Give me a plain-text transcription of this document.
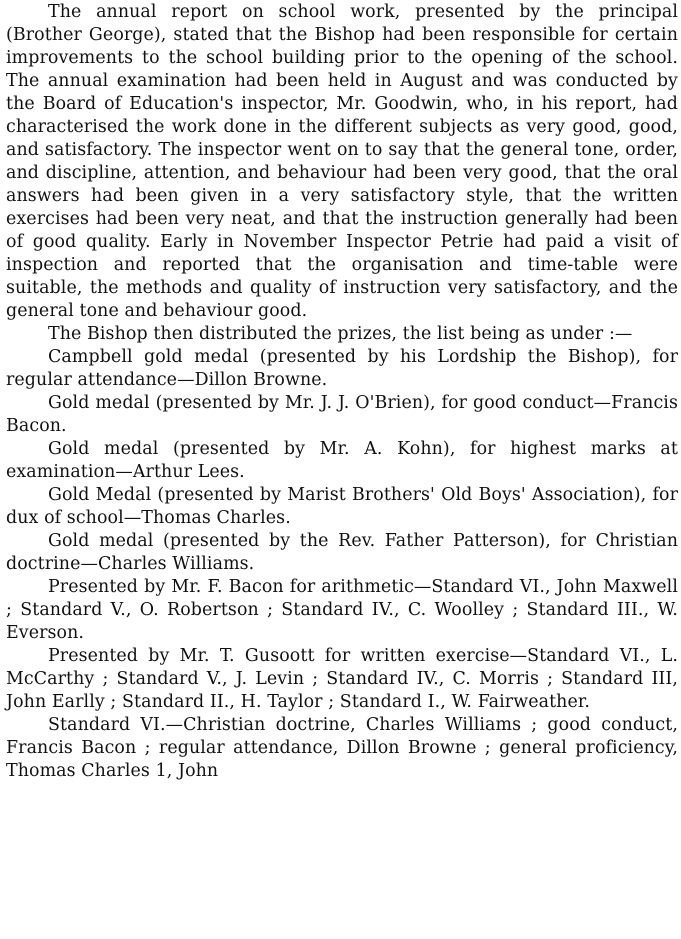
The annual report on school work, presented by the principal (Brother George), stated that the Bishop had been responsible for certain improvements to the school building prior to the opening of the school. The annual examination had been held in August and was conducted by the Board of Education's inspector, Mr. Goodwin, who, in his report, had characterised the work done in the different subjects as very good, good, and satisfactory. The inspector went on to say that the general tone, order, and discipline, attention, and behaviour had been very good, that the oral answers had been given in a very satisfactory style, that the written exercises had been very neat, and that the instruction generally had been of good quality. Early in November Inspector Petrie had paid a visit of inspection and reported that the organisation and time-table were suitable, the methods and quality of instruction very satisfactory, and the general tone and behaviour good.

The Bishop then distributed the prizes, the list being as under :—

Campbell gold medal (presented by his Lordship the Bishop), for regular attendance—Dillon Browne.

Gold medal (presented by Mr. J. J. O'Brien), for good conduct—Francis Bacon.

Gold medal (presented by Mr. A. Kohn), for highest marks at examination—Arthur Lees.

Gold Medal (presented by Marist Brothers' Old Boys' Association), for dux of school—Thomas Charles.

Gold medal (presented by the Rev. Father Patterson), for Christian doctrine—Charles Williams.

Presented by Mr. F. Bacon for arithmetic—Standard VI., John Maxwell ; Standard V., O. Robertson ; Standard IV., C. Woolley ; Standard III., W. Everson.

Presented by Mr. T. Gusoott for written exercise—Standard VI., L. McCarthy ; Standard V., J. Levin ; Standard IV., C. Morris ; Standard III, John Earlly ; Standard II., H. Taylor ; Standard I., W. Fairweather.

Standard VI.—Christian doctrine, Charles Williams ; good conduct, Francis Bacon ; regular attendance, Dillon Browne ; general proficiency, Thomas Charles 1, John
